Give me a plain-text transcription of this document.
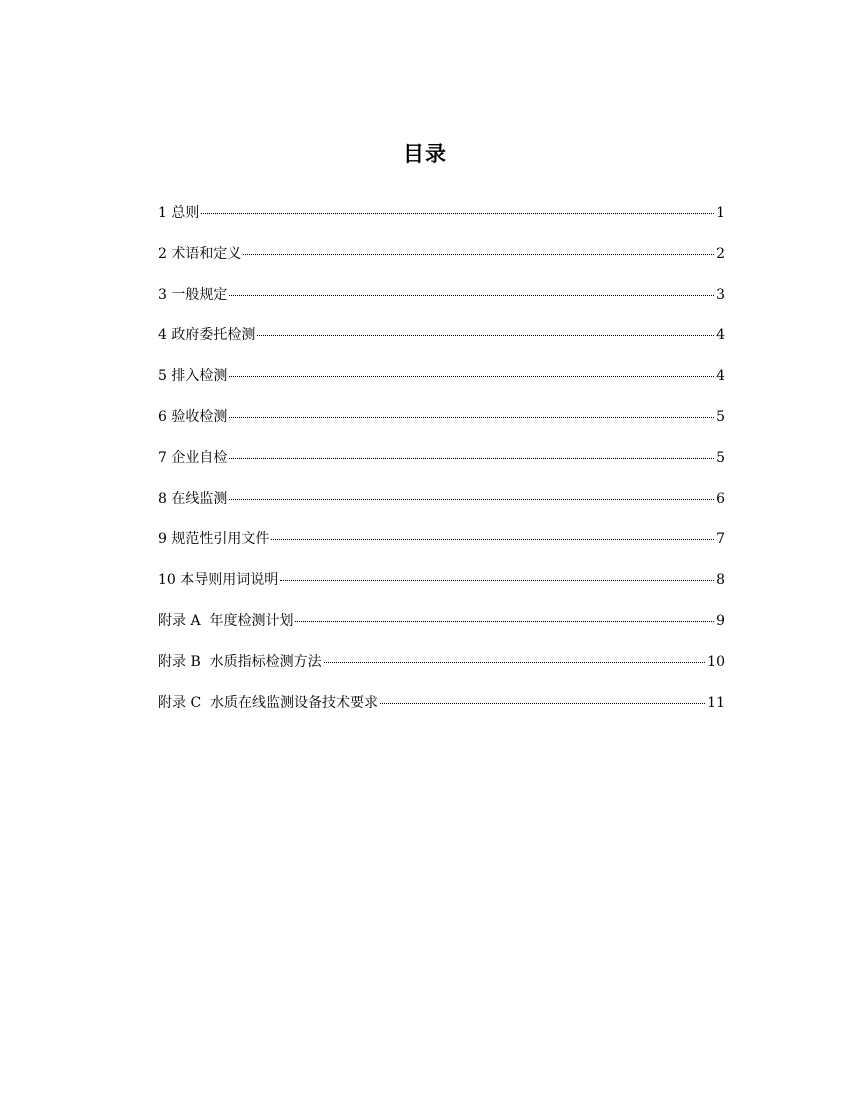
目录
1 总则	1
2 术语和定义	2
3 一般规定	3
4 政府委托检测	4
5 排入检测	4
6 验收检测	5
7 企业自检	5
8 在线监测	6
9 规范性引用文件	7
10 本导则用词说明	8
附录 A  年度检测计划	9
附录 B  水质指标检测方法	10
附录 C  水质在线监测设备技术要求	11
